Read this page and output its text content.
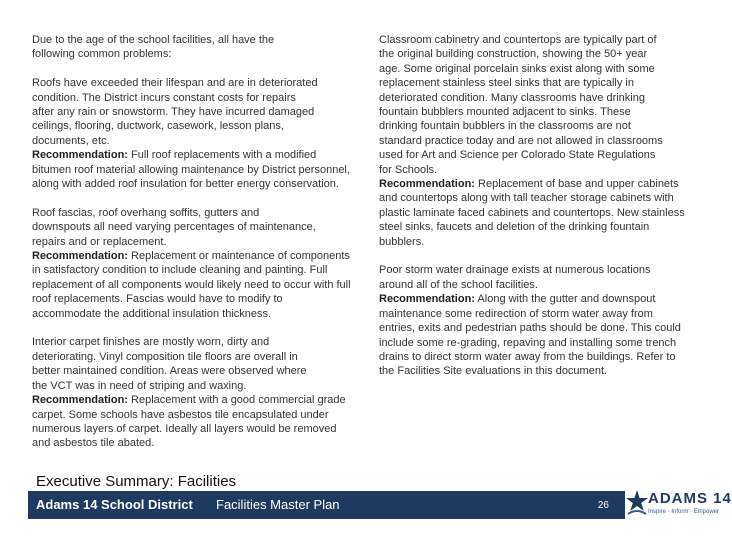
Due to the age of the school facilities, all have the
following common problems:

Roofs have exceeded their lifespan and are in deteriorated
condition. The District incurs constant costs for repairs
after any rain or snowstorm. They have incurred damaged
ceilings, flooring, ductwork, casework, lesson plans,
documents, etc.
Recommendation: Full roof replacements with a modified bitumen roof material allowing maintenance by District personnel, along with added roof insulation for better energy conservation.
Roof fascias, roof overhang soffits, gutters and
downspouts all need varying percentages of maintenance,
repairs and or replacement.
Recommendation: Replacement or maintenance of components in satisfactory condition to include cleaning and painting. Full replacement of all components would likely need to occur with full roof replacements. Fascias would have to modify to accommodate the additional insulation thickness.
Interior carpet finishes are mostly worn, dirty and
deteriorating. Vinyl composition tile floors are overall in
better maintained condition. Areas were observed where
the VCT was in need of striping and waxing.
Recommendation: Replacement with a good commercial grade carpet. Some schools have asbestos tile encapsulated under numerous layers of carpet. Ideally all layers would be removed and asbestos tile abated.
Classroom cabinetry and countertops are typically part of
the original building construction, showing the 50+ year
age. Some original porcelain sinks exist along with some
replacement stainless steel sinks that are typically in
deteriorated condition. Many classrooms have drinking
fountain bubblers mounted adjacent to sinks. These
drinking fountain bubblers in the classrooms are not
standard practice today and are not allowed in classrooms
used for Art and Science per Colorado State Regulations
for Schools.
Recommendation: Replacement of base and upper cabinets and countertops along with tall teacher storage cabinets with plastic laminate faced cabinets and countertops. New stainless steel sinks, faucets and deletion of the drinking fountain bubblers.
Poor storm water drainage exists at numerous locations
around all of the school facilities.
Recommendation: Along with the gutter and downspout maintenance some redirection of storm water away from entries, exits and pedestrian paths should be done. This could include some re-grading, repaving and installing some trench drains to direct storm water away from the buildings. Refer to the Facilities Site evaluations in this document.
Executive Summary: Facilities
Adams 14 School District Facilities Master Plan	26	ADAMS 14
Inspire · Inform · Empower
